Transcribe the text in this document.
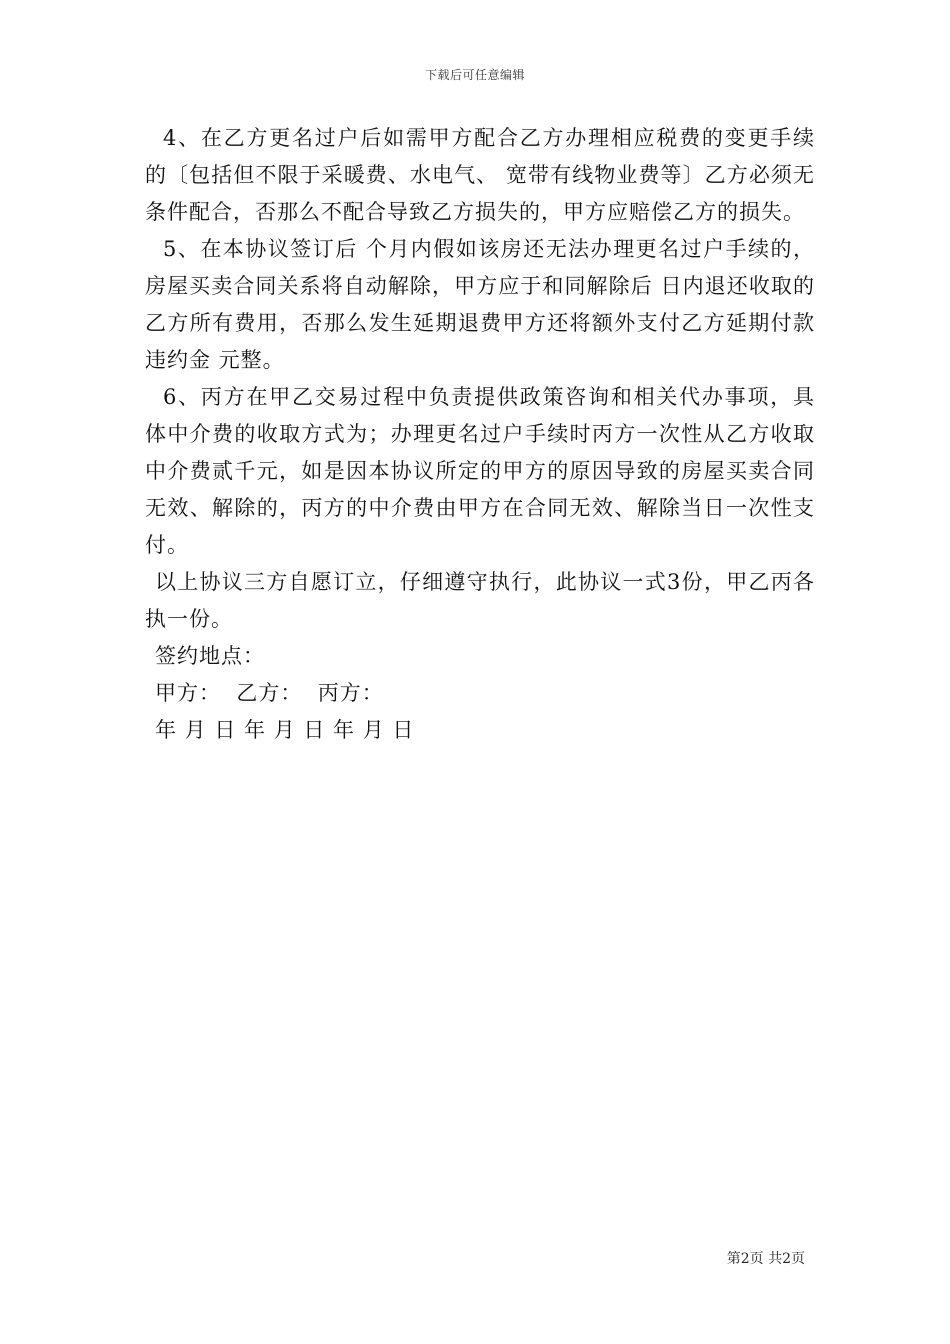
下载后可任意编辑

4、在乙方更名过户后如需甲方配合乙方办理相应税费的变更手续的〔包括但不限于采暖费、水电气、 宽带有线物业费等〕乙方必须无条件配合，否那么不配合导致乙方损失的，甲方应赔偿乙方的损失。

5、在本协议签订后 个月内假如该房还无法办理更名过户手续的，房屋买卖合同关系将自动解除，甲方应于和同解除后 日内退还收取的乙方所有费用，否那么发生延期退费甲方还将额外支付乙方延期付款违约金 元整。

6、丙方在甲乙交易过程中负责提供政策咨询和相关代办事项，具体中介费的收取方式为；办理更名过户手续时丙方一次性从乙方收取中介费贰千元，如是因本协议所定的甲方的原因导致的房屋买卖合同无效、解除的，丙方的中介费由甲方在合同无效、解除当日一次性支付。

以上协议三方自愿订立，仔细遵守执行，此协议一式3份，甲乙丙各执一份。

签约地点：

甲方：  乙方：  丙方：

年 月 日 年 月 日 年 月 日

第2页 共2页
